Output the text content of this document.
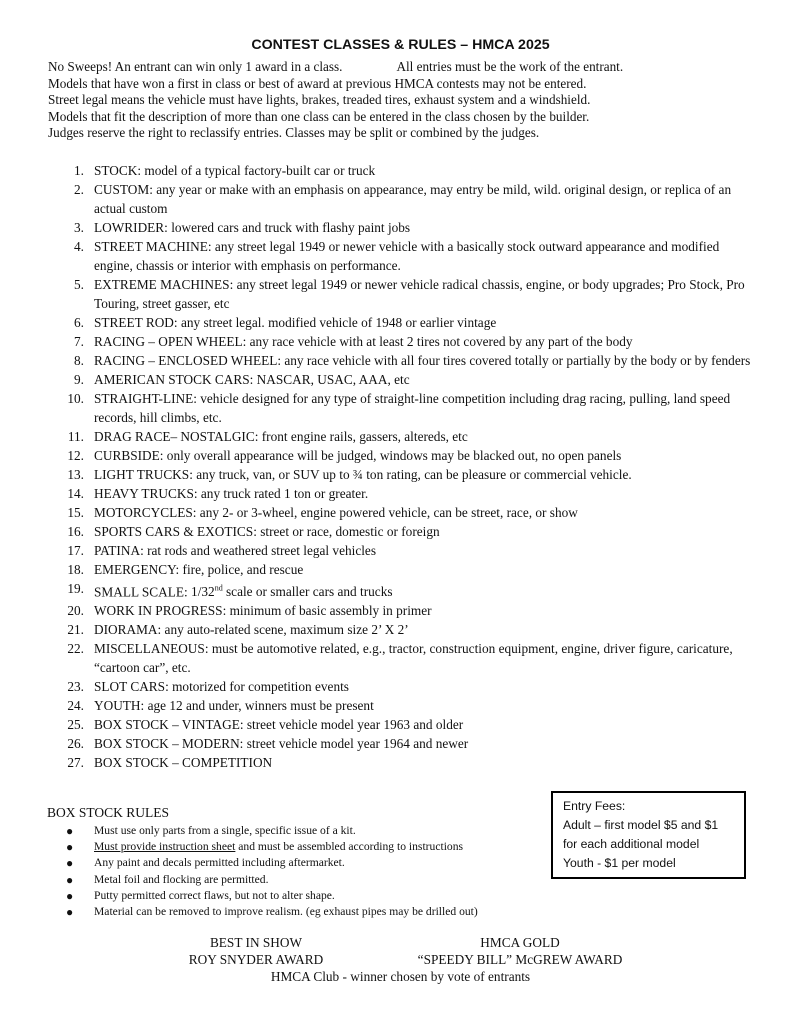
CONTEST CLASSES & RULES – HMCA 2025
No Sweeps! An entrant can win only 1 award in a class.	All entries must be the work of the entrant.
Models that have won a first in class or best of award at previous HMCA contests may not be entered.
Street legal means the vehicle must have lights, brakes, treaded tires, exhaust system and a windshield.
Models that fit the description of more than one class can be entered in the class chosen by the builder.
Judges reserve the right to reclassify entries. Classes may be split or combined by the judges.
1. STOCK: model of a typical factory-built car or truck
2. CUSTOM: any year or make with an emphasis on appearance, may entry be mild, wild. original design, or replica of an actual custom
3. LOWRIDER: lowered cars and truck with flashy paint jobs
4. STREET MACHINE: any street legal 1949 or newer vehicle with a basically stock outward appearance and modified engine, chassis or interior with emphasis on performance.
5. EXTREME MACHINES: any street legal 1949 or newer vehicle radical chassis, engine, or body upgrades; Pro Stock, Pro Touring, street gasser, etc
6. STREET ROD: any street legal. modified vehicle of 1948 or earlier vintage
7. RACING – OPEN WHEEL: any race vehicle with at least 2 tires not covered by any part of the body
8. RACING – ENCLOSED WHEEL: any race vehicle with all four tires covered totally or partially by the body or by fenders
9. AMERICAN STOCK CARS: NASCAR, USAC, AAA, etc
10. STRAIGHT-LINE: vehicle designed for any type of straight-line competition including drag racing, pulling, land speed records, hill climbs, etc.
11. DRAG RACE– NOSTALGIC: front engine rails, gassers, altereds, etc
12. CURBSIDE: only overall appearance will be judged, windows may be blacked out, no open panels
13. LIGHT TRUCKS: any truck, van, or SUV up to ¾ ton rating, can be pleasure or commercial vehicle.
14. HEAVY TRUCKS: any truck rated 1 ton or greater.
15. MOTORCYCLES: any 2- or 3-wheel, engine powered vehicle, can be street, race, or show
16. SPORTS CARS & EXOTICS: street or race, domestic or foreign
17. PATINA: rat rods and weathered street legal vehicles
18. EMERGENCY: fire, police, and rescue
19. SMALL SCALE: 1/32nd scale or smaller cars and trucks
20. WORK IN PROGRESS: minimum of basic assembly in primer
21. DIORAMA: any auto-related scene, maximum size 2’ X 2’
22. MISCELLANEOUS: must be automotive related, e.g., tractor, construction equipment, engine, driver figure, caricature, “cartoon car”, etc.
23. SLOT CARS: motorized for competition events
24. YOUTH: age 12 and under, winners must be present
25. BOX STOCK – VINTAGE: street vehicle model year 1963 and older
26. BOX STOCK – MODERN: street vehicle model year 1964 and newer
27. BOX STOCK – COMPETITION
BOX STOCK RULES
● Must use only parts from a single, specific issue of a kit.
● Must provide instruction sheet and must be assembled according to instructions
● Any paint and decals permitted including aftermarket.
● Metal foil and flocking are permitted.
● Putty permitted correct flaws, but not to alter shape.
● Material can be removed to improve realism. (eg exhaust pipes may be drilled out)
Entry Fees:
Adult – first model $5 and $1
for each additional model
Youth - $1 per model
BEST IN SHOW
ROY SNYDER AWARD
HMCA GOLD
“SPEEDY BILL” McGREW AWARD
HMCA Club - winner chosen by vote of entrants
